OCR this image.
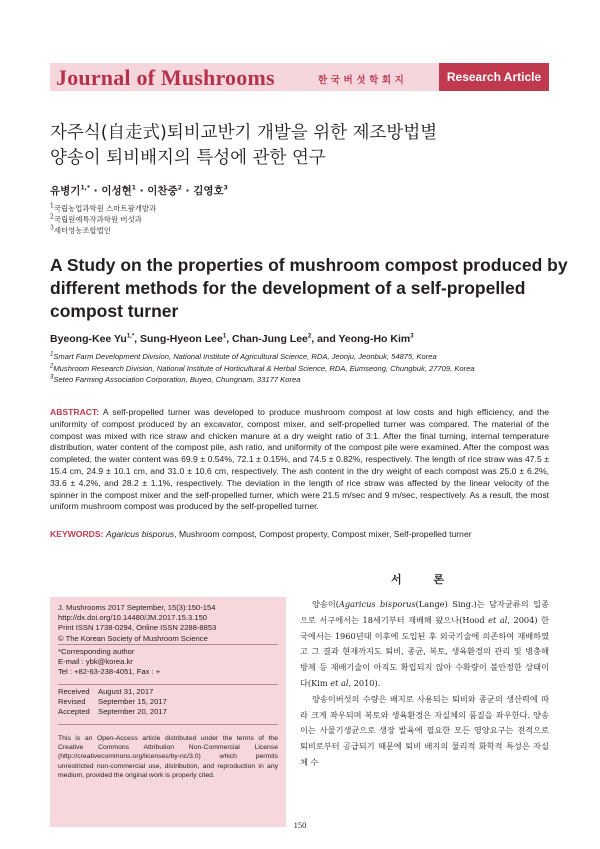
Journal of Mushrooms	한국버섯학회지	Research Article
자주식(自走式)퇴비교반기 개발을 위한 제조방법별
양송이 퇴비배지의 특성에 관한 연구
유병기$^{1,*}$ · 이성현$^1$ · 이찬중$^2$ · 김영호$^3$
$^1$국립농업과학원 스마트팜개발과
$^2$국립원예특작과학원 버섯과
$^3$세터영농조합법인
A Study on the properties of mushroom compost produced by
different methods for the development of a self-propelled
compost turner
Byeong-Kee $Yu^{1,*}$, Sung-Hyeon Lee$^1$, Chan-Jung Lee$^2$, and Yeong-Ho Kim$^3$
$^1$Smart Farm Development Division, National Institute of Agricultural Science, RDA, Jeonju, Jeonbuk, 54875, Korea
$^2$Mushroom Research Division, National Institute of Horticultural & Herbal Science, RDA, Eumseong, Chungbuk, 27709, Korea
$^3$Seteo Farming Association Corporation, Buyeo, Chungnam, 33177 Korea
ABSTRACT: A self-propelled turner was developed to produce mushroom compost at low costs and high efficiency, and the uniformity of compost produced by an excavator, compost mixer, and self-propelled turner was compared. The material of the compost was mixed with rice straw and chicken manure at a dry weight ratio of 3:1. After the final turning, internal temperature distribution, water content of the compost pile, ash ratio, and uniformity of the compost pile were examined. After the compost was completed, the water content was 69.9 ± 0.54%, 72.1 ± 0.15%, and 74.5 ± 0.82%, respectively. The length of rice straw was 47.5 ± 15.4 cm, 24.9 ± 10.1 cm, and 31.0 ± 10.6 cm, respectively. The ash content in the dry weight of each compost was 25.0 ± 6.2%, 33.6 ± 4.2%, and 28.2 ± 1.1%, respectively. The deviation in the length of rice straw was affected by the linear velocity of the spinner in the compost mixer and the self-propelled turner, which were 21.5 m/sec and 9 m/sec, respectively. As a result, the most uniform mushroom compost was produced by the self-propelled turner.
KEYWORDS: Agaricus bisporus, Mushroom compost, Compost property, Compost mixer, Self-propelled turner
서 론
J. Mushrooms 2017 September, 15(3):150-154
http://dx.doi.org/10.14480/JM.2017.15.3.150
Print ISSN 1738-0294, Online ISSN 2288-8853
© The Korean Society of Mushroom Science
*Corresponding author
E-mail : ybk@korea.kr
Tel : +82-63-238-4051, Fax : +
Received August 31, 2017
Revised September 15, 2017
Accepted September 20, 2017
This is an Open-Access article distributed under the terms of the Creative Commons Attribution Non-Commercial License (http://creativecommons.org/licenses/by-nc/3.0) which permits unrestricted non-commercial use, distribution, and reproduction in any medium, provided the original work is properly cited.

양송이(Agaricus bisporus(Lange) Sing.)는 담자균류의 일종으로 서구에서는 18세기부터 재배해 왔으나(Hood et al, 2004) 한국에서는 1960년대 이후에 도입된 후 외국기술에 의존하여 재배하였고 그 결과 현재까지도 퇴비, 종균, 복토, 생육환경의 관리 및 병충해 방제 등 재배기술이 아직도 확립되지 않아 수확량이 불안정한 상태이다(Kim et al, 2010).

양송이버섯의 수량은 배지로 사용되는 퇴비와 종균의 생산력에 따라 크게 좌우되며 복토와 생육환경은 자실체의 품질을 좌우한다. 양송이는 사물기생균으로 생장 발육에 필요한 모든 영양요구는 전적으로 퇴비로부터 공급되기 때문에 퇴비 배지의 물리적 화학적 특성은 자실체 수

150
